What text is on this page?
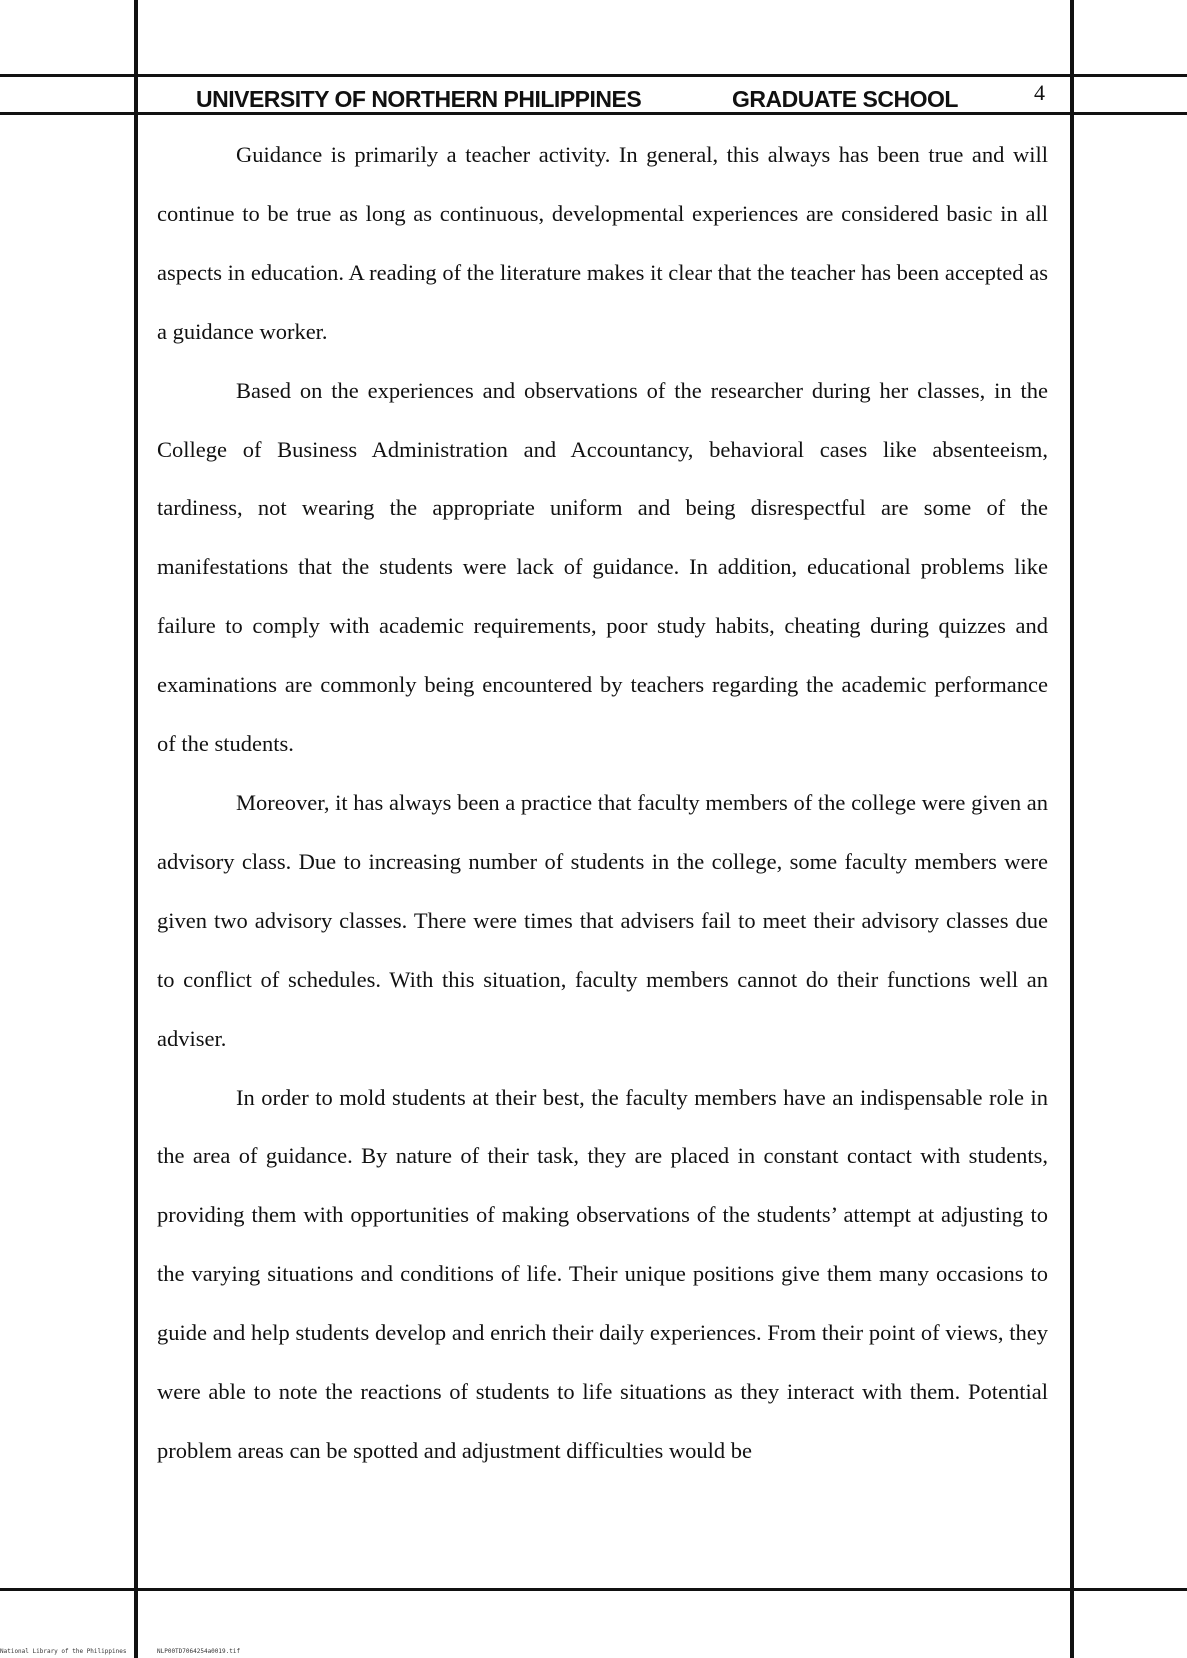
UNIVERSITY OF NORTHERN PHILIPPINES	GRADUATE SCHOOL	4

Guidance is primarily a teacher activity. In general, this always has been true and will continue to be true as long as continuous, developmental experiences are considered basic in all aspects in education. A reading of the literature makes it clear that the teacher has been accepted as a guidance worker.

Based on the experiences and observations of the researcher during her classes, in the College of Business Administration and Accountancy, behavioral cases like absenteeism, tardiness, not wearing the appropriate uniform and being disrespectful are some of the manifestations that the students were lack of guidance. In addition, educational problems like failure to comply with academic requirements, poor study habits, cheating during quizzes and examinations are commonly being encountered by teachers regarding the academic performance of the students.

Moreover, it has always been a practice that faculty members of the college were given an advisory class. Due to increasing number of students in the college, some faculty members were given two advisory classes. There were times that advisers fail to meet their advisory classes due to conflict of schedules. With this situation, faculty members cannot do their functions well an adviser.

In order to mold students at their best, the faculty members have an indispensable role in the area of guidance. By nature of their task, they are placed in constant contact with students, providing them with opportunities of making observations of the students’ attempt at adjusting to the varying situations and conditions of life. Their unique positions give them many occasions to guide and help students develop and enrich their daily experiences. From their point of views, they were able to note the reactions of students to life situations as they interact with them. Potential problem areas can be spotted and adjustment difficulties would be

National Library of the Philippines	NLP00TD7064254a0019.tif
